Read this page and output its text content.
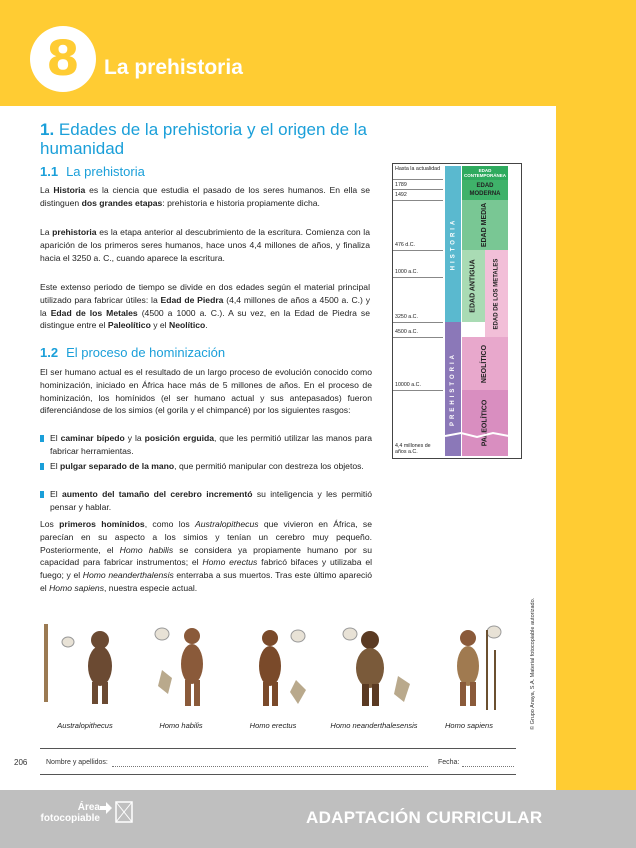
8	La prehistoria
1. Edades de la prehistoria y el origen de la humanidad
1.1 La prehistoria
La Historia es la ciencia que estudia el pasado de los seres humanos. En ella se distinguen dos grandes etapas: prehistoria e historia propiamente dicha.
La prehistoria es la etapa anterior al descubrimiento de la escritura. Comienza con la aparición de los primeros seres humanos, hace unos 4,4 millones de años, y finaliza hacia el 3250 a. C., cuando aparece la escritura.
Este extenso periodo de tiempo se divide en dos edades según el material principal utilizado para fabricar útiles: la Edad de Piedra (4,4 millones de años a 4500 a. C.) y la Edad de los Metales (4500 a 1000 a. C.). A su vez, en la Edad de Piedra se distingue entre el Paleolítico y el Neolítico.
1.2 El proceso de hominización
El ser humano actual es el resultado de un largo proceso de evolución conocido como hominización, iniciado en África hace más de 5 millones de años. En el proceso de hominización, los homínidos (el ser humano actual y sus antepasados) fueron diferenciándose de los simios (el gorila y el chimpancé) por los siguientes rasgos:
El caminar bípedo y la posición erguida, que les permitió utilizar las manos para fabricar herramientas.
El pulgar separado de la mano, que permitió manipular con destreza los objetos.
El aumento del tamaño del cerebro incrementó su inteligencia y les permitió pensar y hablar.
Los primeros homínidos, como los Australopithecus que vivieron en África, se parecían en su aspecto a los simios y tenían un cerebro muy pequeño. Posteriormente, el Homo habilis se considera ya propiamente humano por su capacidad para fabricar instrumentos; el Homo erectus fabricó bifaces y utilizaba el fuego; y el Homo neanderthalensis enterraba a sus muertos. Tras este último apareció el Homo sapiens, nuestra especie actual.
Hasta la actualidad
1789
1492
476 d.C.
1000 a.C.
3250 a.C.
4500 a.C.
10000 a.C.
4,4 millones de años a.C.
HISTORIA
PREHISTORIA
EDAD CONTEMPORÁNEA
EDAD MODERNA
EDAD MEDIA
EDAD ANTIGUA	EDAD DE LOS METALES
NEOLÍTICO
PALEOLÍTICO
Australopithecus	Homo habilis	Homo erectus	Homo neanderthalesensis	Homo sapiens	© Grupo Anaya, S.A. Material fotocopiable autorizado.
206	Nombre y apellidos:	Fecha:
Área
fotocopiable	ADAPTACIÓN CURRICULAR
